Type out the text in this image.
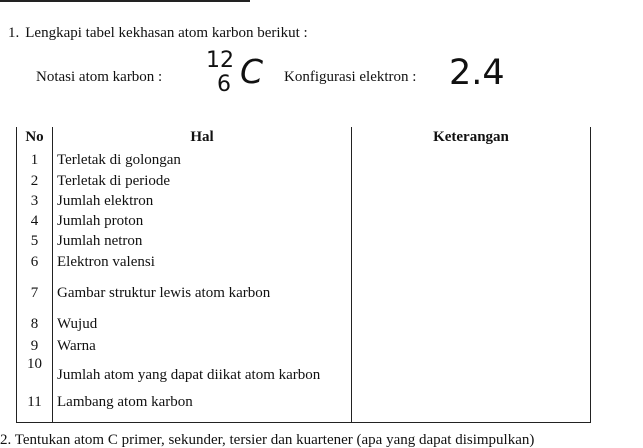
1. Lengkapi tabel kekhasan atom karbon berikut :
Notasi atom karbon :
12
6 C Konfigurasi elektron : 2.4
No	Hal	Keterangan
1	Terletak di golongan	
2	Terletak di periode	
3	Jumlah elektron	
4	Jumlah proton	
5	Jumlah netron	
6	Elektron valensi	
7	Gambar struktur lewis atom karbon	
8	Wujud	
9	Warna	
10	Jumlah atom yang dapat diikat atom karbon	
11	Lambang atom karbon	
2. Tentukan atom C primer, sekunder, tersier dan kuartener (apa yang dapat disimpulkan)
